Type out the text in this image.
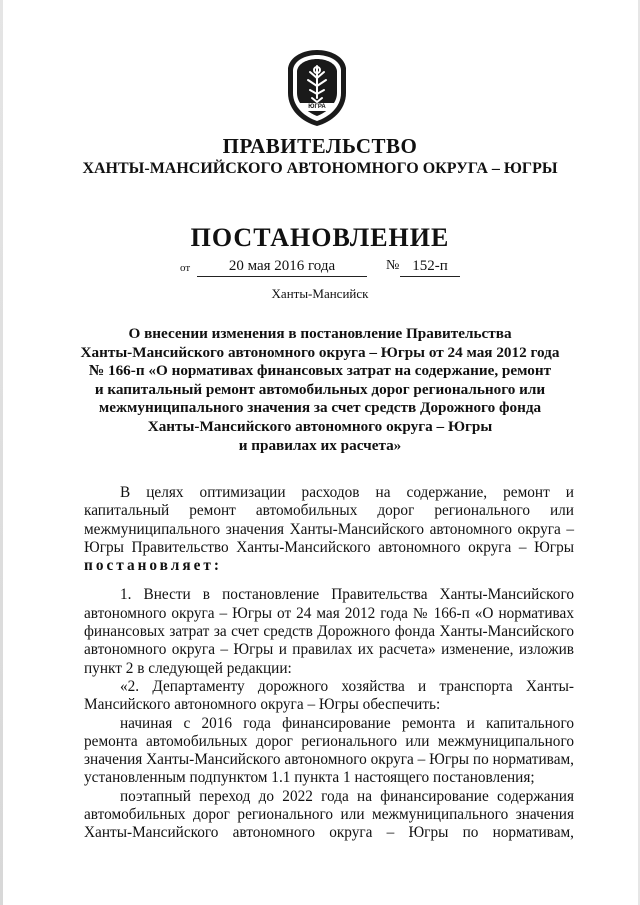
ЮГРА
ПРАВИТЕЛЬСТВО
ХАНТЫ-МАНСИЙСКОГО АВТОНОМНОГО ОКРУГА – ЮГРЫ
ПОСТАНОВЛЕНИЕ
от	20 мая 2016 года	№ 152-п
Ханты-Мансийск
О внесении изменения в постановление Правительства
Ханты-Мансийского автономного округа – Югры от 24 мая 2012 года
№ 166-п «О нормативах финансовых затрат на содержание, ремонт
и капитальный ремонт автомобильных дорог регионального или
межмуниципального значения за счет средств Дорожного фонда
Ханты-Мансийского автономного округа – Югры
и правилах их расчета»
В целях оптимизации расходов на содержание, ремонт и
капитальный ремонт автомобильных дорог регионального или
межмуниципального значения Ханты-Мансийского автономного округа –
Югры Правительство Ханты-Мансийского автономного округа – Югры
постановляет:
1. Внести в постановление Правительства Ханты-Мансийского
автономного округа – Югры от 24 мая 2012 года № 166-п «О нормативах
финансовых затрат за счет средств Дорожного фонда Ханты-Мансийского
автономного округа – Югры и правилах их расчета» изменение, изложив
пункт 2 в следующей редакции:
«2. Департаменту дорожного хозяйства и транспорта Ханты-
Мансийского автономного округа – Югры обеспечить:
начиная с 2016 года финансирование ремонта и капитального
ремонта автомобильных дорог регионального или межмуниципального
значения Ханты-Мансийского автономного округа – Югры по нормативам,
установленным подпунктом 1.1 пункта 1 настоящего постановления;
поэтапный переход до 2022 года на финансирование содержания
автомобильных дорог регионального или межмуниципального значения
Ханты-Мансийского автономного округа – Югры по нормативам,
